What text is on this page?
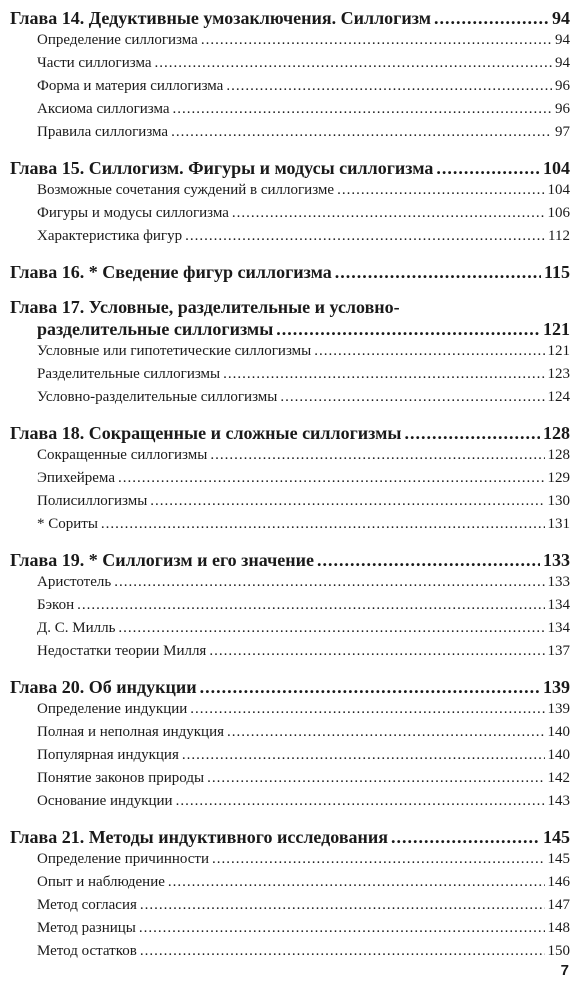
Глава 14. Дедуктивные умозаключения. Силлогизм .....	94
Определение силлогизма .....	94
Части силлогизма .....	94
Форма и материя силлогизма .....	96
Аксиома силлогизма .....	96
Правила силлогизма .....	97
Глава 15. Силлогизм. Фигуры и модусы силлогизма .....	104
Возможные сочетания суждений в силлогизме .....	104
Фигуры и модусы силлогизма .....	106
Характеристика фигур .....	112
Глава 16. * Сведение фигур силлогизма .....	115
Глава 17. Условные, разделительные и условно-
разделительные силлогизмы .....	121
Условные или гипотетические силлогизмы .....	121
Разделительные силлогизмы .....	123
Условно-разделительные силлогизмы .....	124
Глава 18. Сокращенные и сложные силлогизмы .....	128
Сокращенные силлогизмы .....	128
Эпихейрема .....	129
Полисиллогизмы .....	130
* Сориты .....	131
Глава 19. * Силлогизм и его значение .....	133
Аристотель .....	133
Бэкон .....	134
Д. С. Милль .....	134
Недостатки теории Милля .....	137
Глава 20. Об индукции .....	139
Определение индукции .....	139
Полная и неполная индукция .....	140
Популярная индукция .....	140
Понятие законов природы .....	142
Основание индукции .....	143
Глава 21. Методы индуктивного исследования .....	145
Определение причинности .....	145
Опыт и наблюдение .....	146
Метод согласия .....	147
Метод разницы .....	148
Метод остатков .....	150
7
